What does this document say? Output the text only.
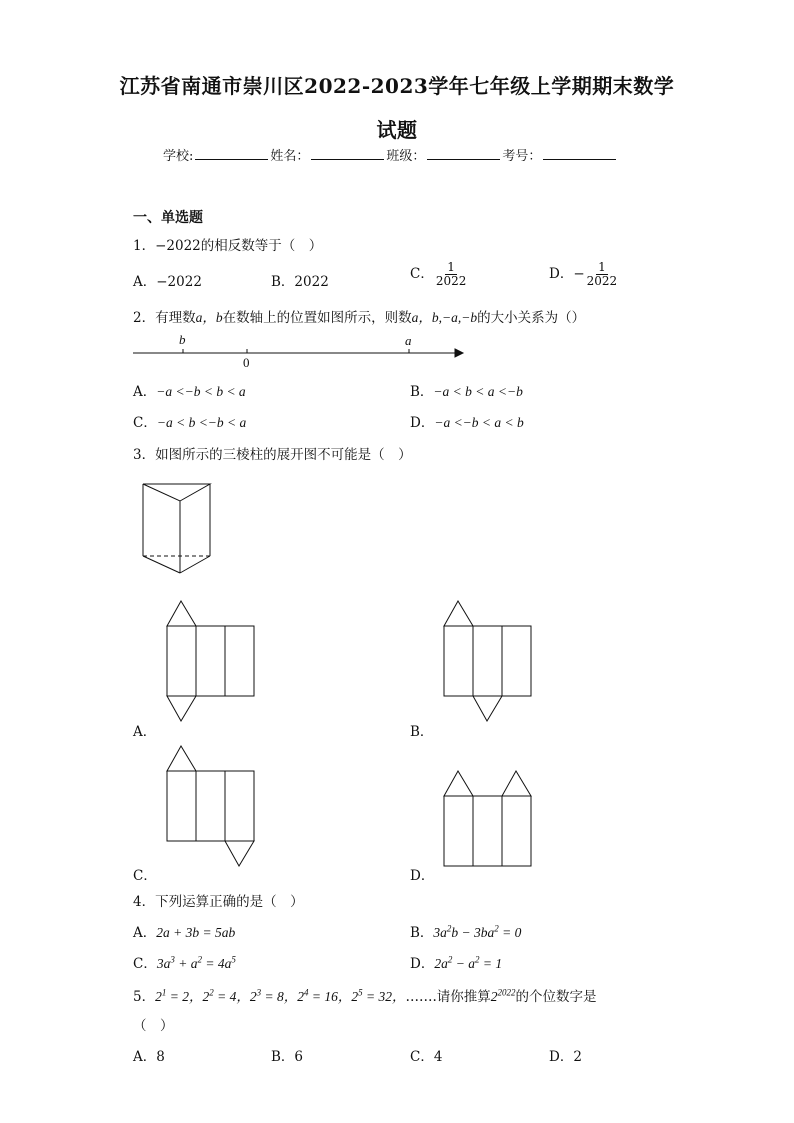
江苏省南通市崇川区2022-2023学年七年级上学期期末数学
试题
学校:	姓名：	班级：	考号：
一、单选题
1．−2022的相反数等于（　）
A．−2022	B．2022	C． $\frac{1}{2022}$	D．− $\frac{1}{2022}$
2．有理数a，b在数轴上的位置如图所示，则数a，b,−a,−b的大小关系为（）
b
0
a
A．−a <−b < b < a	B．−a < b < a <−b
C．−a < b <−b < a	D．−a <−b < a < b
3．如图所示的三棱柱的展开图不可能是（　）
A．	B．
C．	D．
4．下列运算正确的是（　）
A．2a + 3b = 5ab	B．$3a^2b - 3ba^2 = 0$
C．$3a^3 + a^2 = 4a^5$	D．$2a^2 - a^2 = 1$
5．$2^1 = 2$，$2^2 = 4$，$2^3 = 8$，$2^4 = 16$，$2^5 = 32$，…….请你推算$2^{2022}$的个位数字是
（　）
A．8	B．6	C．4	D．2
